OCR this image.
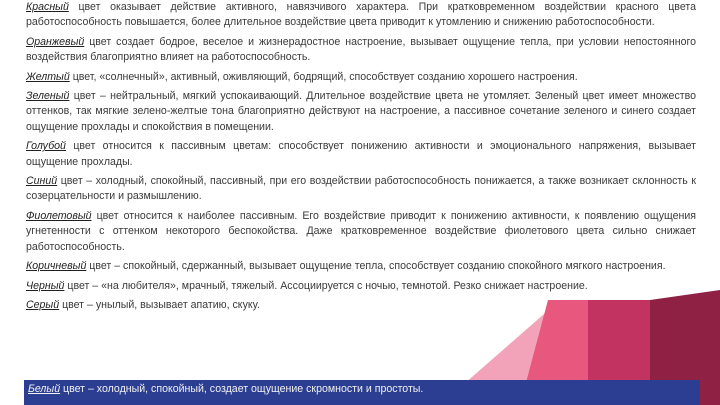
Красный цвет оказывает действие активного, навязчивого характера. При кратковременном воздействии красного цвета работоспособность повышается, более длительное воздействие цвета приводит к утомлению и снижению работоспособности.

Оранжевый цвет создает бодрое, веселое и жизнерадостное настроение, вызывает ощущение тепла, при условии непостоянного воздействия благоприятно влияет на работоспособность.

Желтый цвет, «солнечный», активный, оживляющий, бодрящий, способствует созданию хорошего настроения.

Зеленый цвет – нейтральный, мягкий успокаивающий. Длительное воздействие цвета не утомляет. Зеленый цвет имеет множество оттенков, так мягкие зелено-желтые тона благоприятно действуют на настроение, а пассивное сочетание зеленого и синего создает ощущение прохлады и спокойствия в помещении.

Голубой цвет относится к пассивным цветам: способствует понижению активности и эмоционального напряжения, вызывает ощущение прохлады.

Синий цвет – холодный, спокойный, пассивный, при его воздействии работоспособность понижается, а также возникает склонность к созерцательности и размышлению.

Фиолетовый цвет относится к наиболее пассивным. Его воздействие приводит к понижению активности, к появлению ощущения угнетенности с оттенком некоторого беспокойства. Даже кратковременное воздействие фиолетового цвета сильно снижает работоспособность.

Коричневый цвет – спокойный, сдержанный, вызывает ощущение тепла, способствует созданию спокойного мягкого настроения.

Черный цвет – «на любителя», мрачный, тяжелый. Ассоциируется с ночью, темнотой. Резко снижает настроение.

Серый цвет – унылый, вызывает апатию, скуку.

Белый цвет – холодный, спокойный, создает ощущение скромности и простоты.
